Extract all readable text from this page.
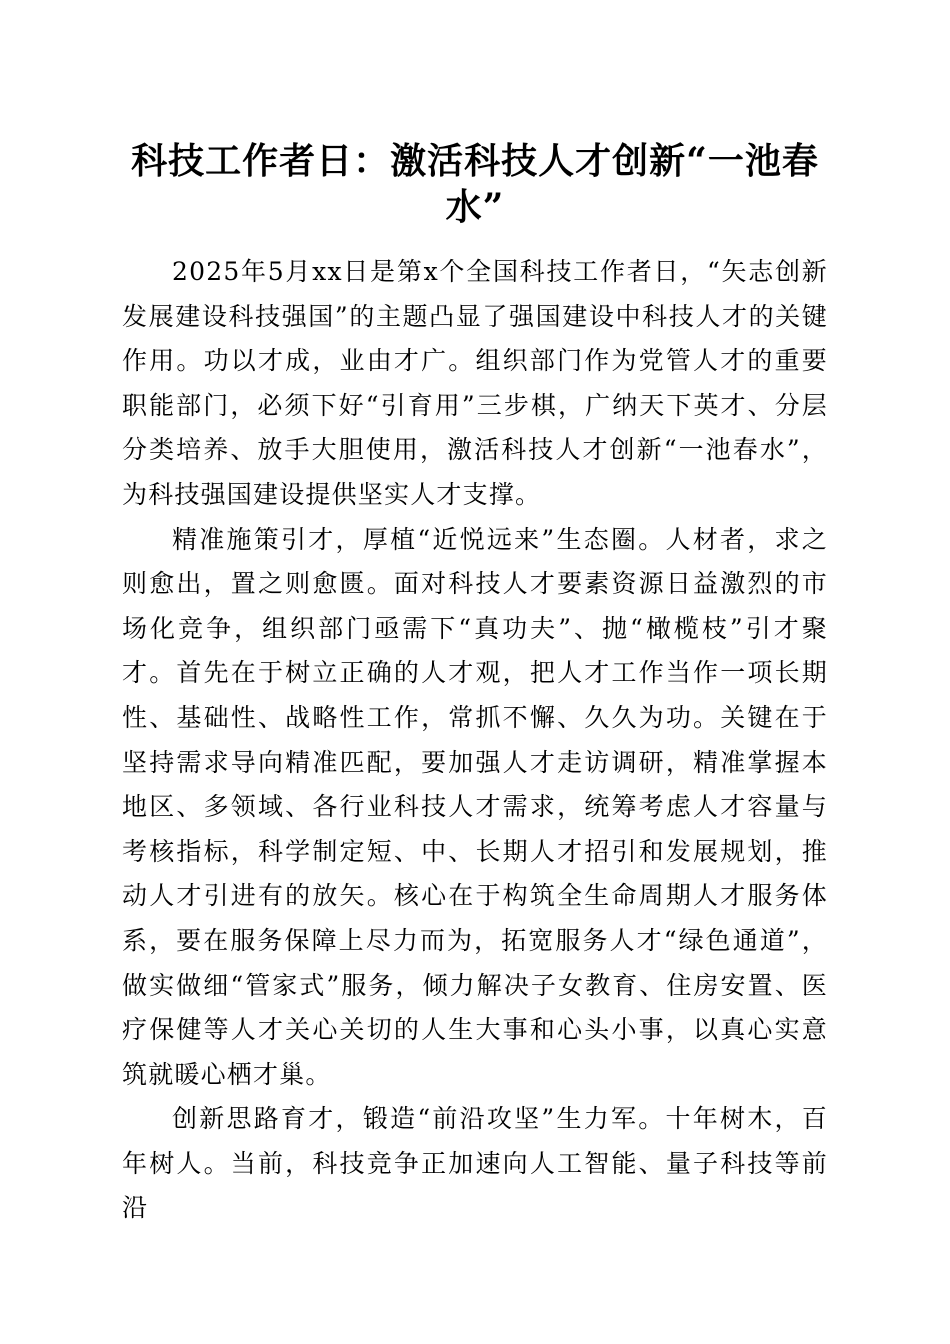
科技工作者日：激活科技人才创新“一池春水”

2025年5月xx日是第x个全国科技工作者日，“矢志创新发展建设科技强国”的主题凸显了强国建设中科技人才的关键作用。功以才成，业由才广。组织部门作为党管人才的重要职能部门，必须下好“引育用”三步棋，广纳天下英才、分层分类培养、放手大胆使用，激活科技人才创新“一池春水”，为科技强国建设提供坚实人才支撑。

精准施策引才，厚植“近悦远来”生态圈。人材者，求之则愈出，置之则愈匮。面对科技人才要素资源日益激烈的市场化竞争，组织部门亟需下“真功夫”、抛“橄榄枝”引才聚才。首先在于树立正确的人才观，把人才工作当作一项长期性、基础性、战略性工作，常抓不懈、久久为功。关键在于坚持需求导向精准匹配，要加强人才走访调研，精准掌握本地区、多领域、各行业科技人才需求，统筹考虑人才容量与考核指标，科学制定短、中、长期人才招引和发展规划，推动人才引进有的放矢。核心在于构筑全生命周期人才服务体系，要在服务保障上尽力而为，拓宽服务人才“绿色通道”，做实做细“管家式”服务，倾力解决子女教育、住房安置、医疗保健等人才关心关切的人生大事和心头小事，以真心实意筑就暖心栖才巢。

创新思路育才，锻造“前沿攻坚”生力军。十年树木，百年树人。当前，科技竞争正加速向人工智能、量子科技等前沿
